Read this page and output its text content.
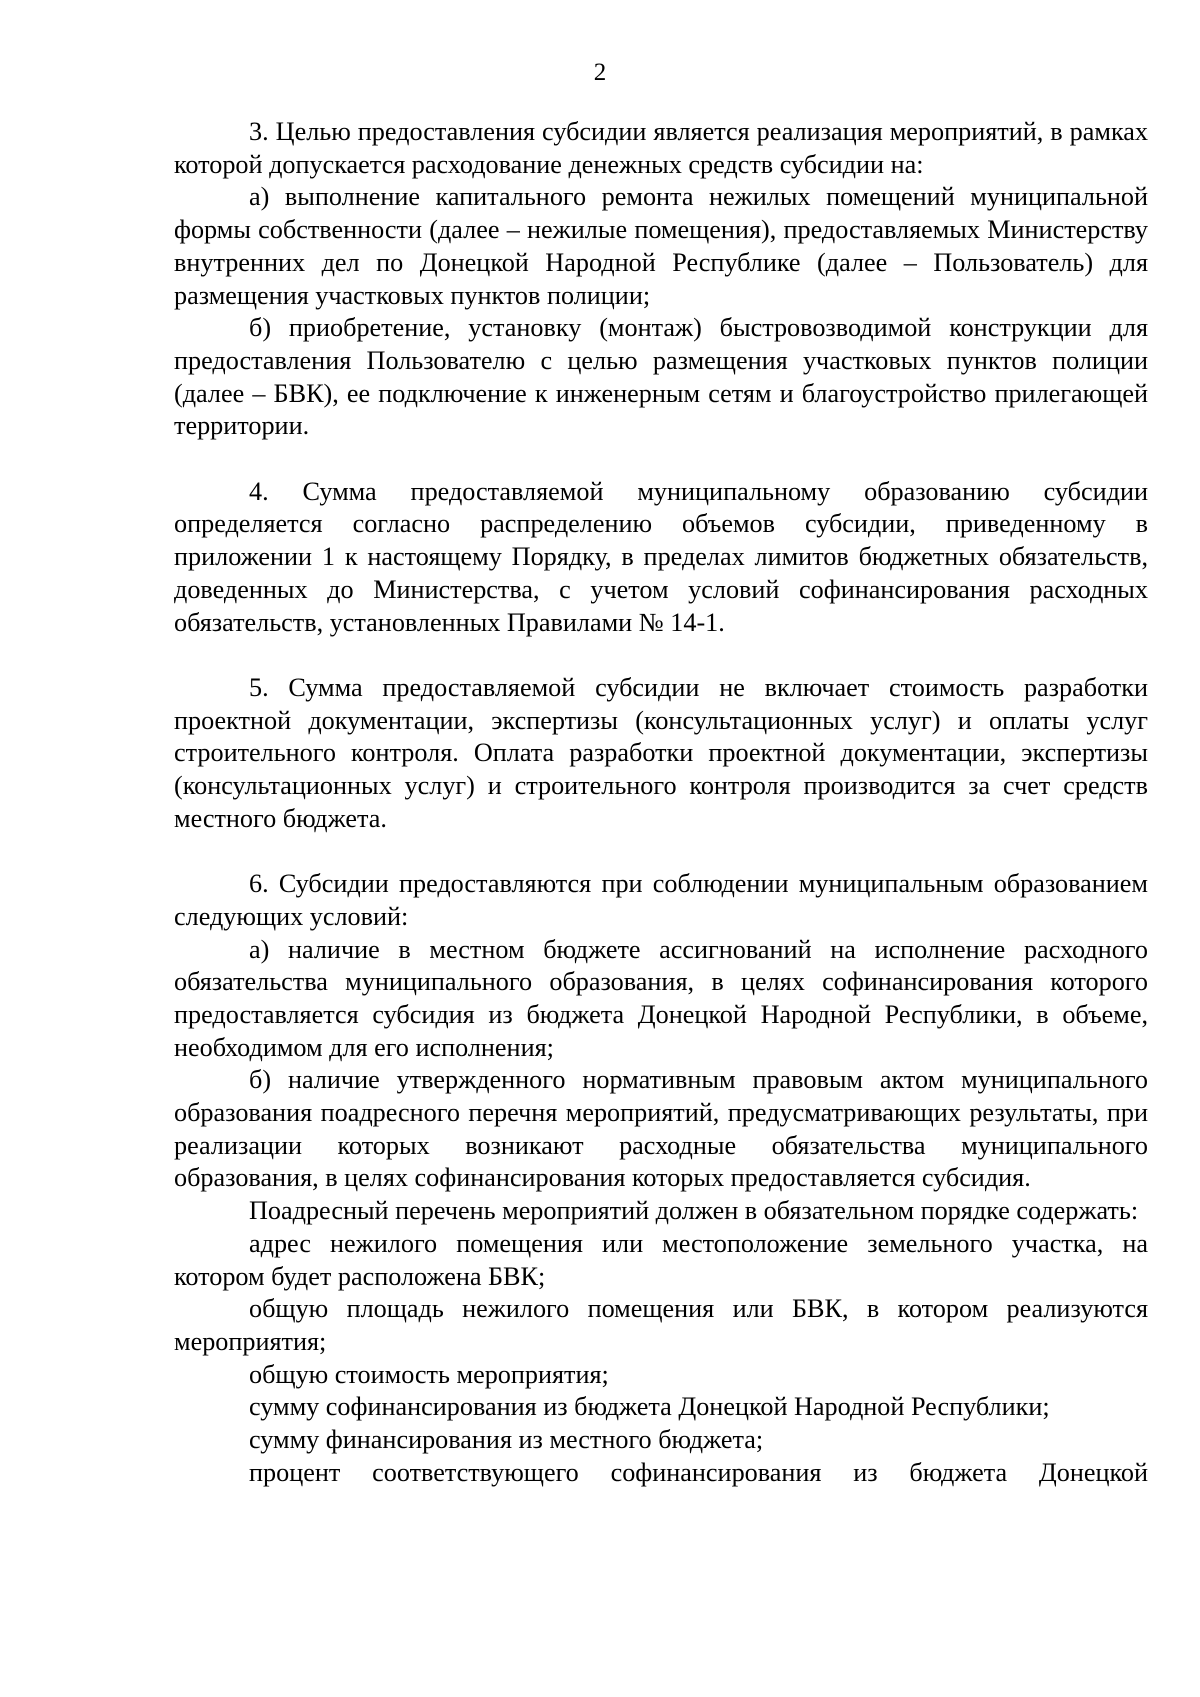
2

3. Целью предоставления субсидии является реализация мероприятий, в рамках которой допускается расходование денежных средств субсидии на:

а) выполнение капитального ремонта нежилых помещений муниципальной формы собственности (далее – нежилые помещения), предоставляемых Министерству внутренних дел по Донецкой Народной Республике (далее – Пользователь) для размещения участковых пунктов полиции;

б) приобретение, установку (монтаж) быстровозводимой конструкции для предоставления Пользователю с целью размещения участковых пунктов полиции (далее – БВК), ее подключение к инженерным сетям и благоустройство прилегающей территории.

4. Сумма предоставляемой муниципальному образованию субсидии определяется согласно распределению объемов субсидии, приведенному в приложении 1 к настоящему Порядку, в пределах лимитов бюджетных обязательств, доведенных до Министерства, с учетом условий софинансирования расходных обязательств, установленных Правилами № 14-1.

5. Сумма предоставляемой субсидии не включает стоимость разработки проектной документации, экспертизы (консультационных услуг) и оплаты услуг строительного контроля. Оплата разработки проектной документации, экспертизы (консультационных услуг) и строительного контроля производится за счет средств местного бюджета.

6. Субсидии предоставляются при соблюдении муниципальным образованием следующих условий:

а) наличие в местном бюджете ассигнований на исполнение расходного обязательства муниципального образования, в целях софинансирования которого предоставляется субсидия из бюджета Донецкой Народной Республики, в объеме, необходимом для его исполнения;

б) наличие утвержденного нормативным правовым актом муниципального образования поадресного перечня мероприятий, предусматривающих результаты, при реализации которых возникают расходные обязательства муниципального образования, в целях софинансирования которых предоставляется субсидия.

Поадресный перечень мероприятий должен в обязательном порядке содержать:

адрес нежилого помещения или местоположение земельного участка, на котором будет расположена БВК;

общую площадь нежилого помещения или БВК, в котором реализуются мероприятия;

общую стоимость мероприятия;

сумму софинансирования из бюджета Донецкой Народной Республики;

сумму финансирования из местного бюджета;

процент соответствующего софинансирования из бюджета Донецкой
